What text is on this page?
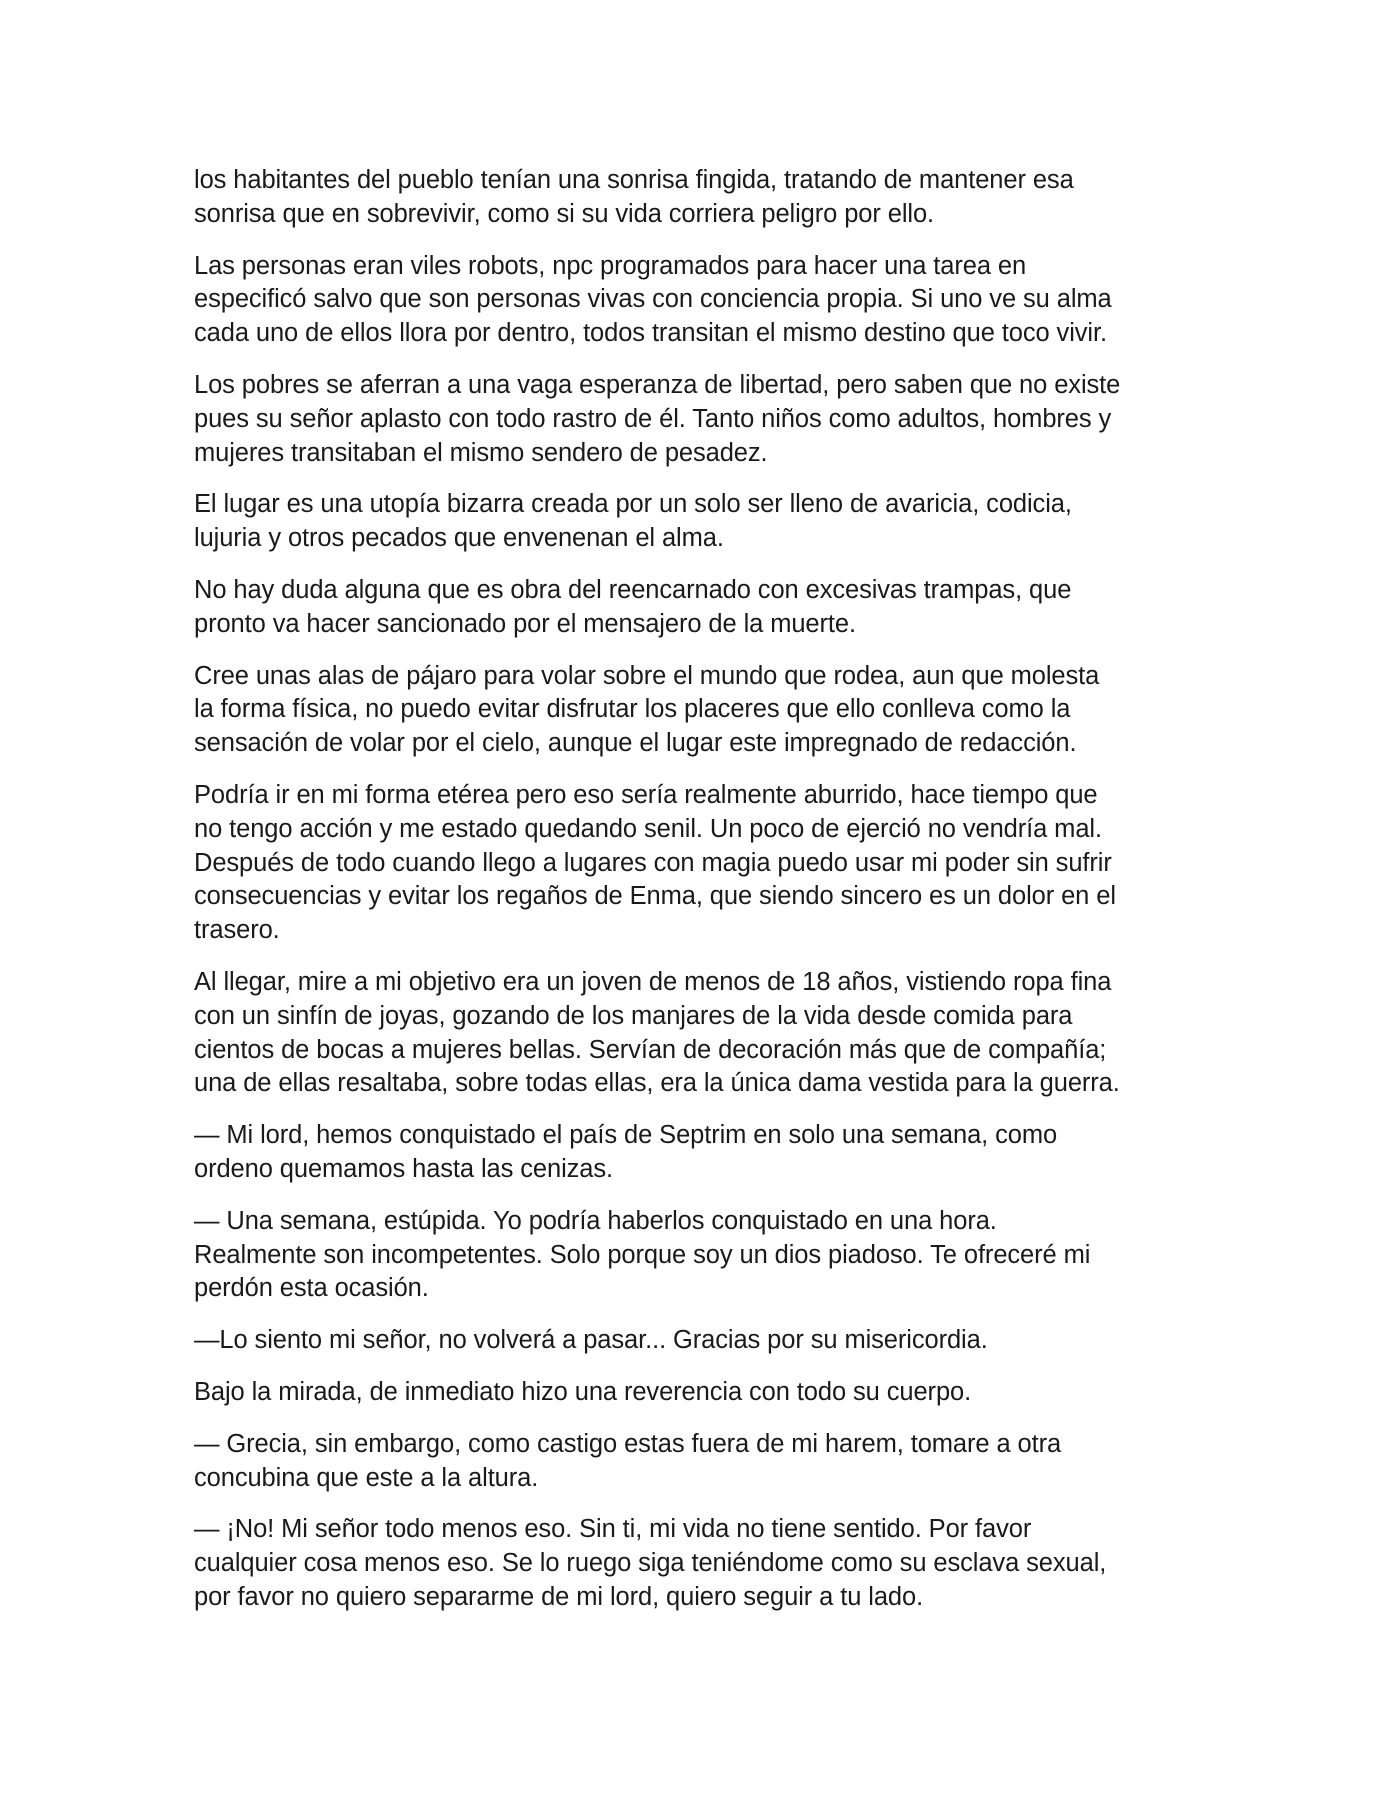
los habitantes del pueblo tenían una sonrisa fingida, tratando de mantener esa
sonrisa que en sobrevivir, como si su vida corriera peligro por ello.

Las personas eran viles robots, npc programados para hacer una tarea en
especificó salvo que son personas vivas con conciencia propia. Si uno ve su alma
cada uno de ellos llora por dentro, todos transitan el mismo destino que toco vivir.

Los pobres se aferran a una vaga esperanza de libertad, pero saben que no existe
pues su señor aplasto con todo rastro de él. Tanto niños como adultos, hombres y
mujeres transitaban el mismo sendero de pesadez.

El lugar es una utopía bizarra creada por un solo ser lleno de avaricia, codicia,
lujuria y otros pecados que envenenan el alma.

No hay duda alguna que es obra del reencarnado con excesivas trampas, que
pronto va hacer sancionado por el mensajero de la muerte.

Cree unas alas de pájaro para volar sobre el mundo que rodea, aun que molesta
la forma física, no puedo evitar disfrutar los placeres que ello conlleva como la
sensación de volar por el cielo, aunque el lugar este impregnado de redacción.

Podría ir en mi forma etérea pero eso sería realmente aburrido, hace tiempo que
no tengo acción y me estado quedando senil. Un poco de ejerció no vendría mal.
Después de todo cuando llego a lugares con magia puedo usar mi poder sin sufrir
consecuencias y evitar los regaños de Enma, que siendo sincero es un dolor en el
trasero.

Al llegar, mire a mi objetivo era un joven de menos de 18 años, vistiendo ropa fina
con un sinfín de joyas, gozando de los manjares de la vida desde comida para
cientos de bocas a mujeres bellas. Servían de decoración más que de compañía;
una de ellas resaltaba, sobre todas ellas, era la única dama vestida para la guerra.

— Mi lord, hemos conquistado el país de Septrim en solo una semana, como
ordeno quemamos hasta las cenizas.

— Una semana, estúpida. Yo podría haberlos conquistado en una hora.
Realmente son incompetentes. Solo porque soy un dios piadoso. Te ofreceré mi
perdón esta ocasión.

—Lo siento mi señor, no volverá a pasar... Gracias por su misericordia.

Bajo la mirada, de inmediato hizo una reverencia con todo su cuerpo.

— Grecia, sin embargo, como castigo estas fuera de mi harem, tomare a otra
concubina que este a la altura.

— ¡No! Mi señor todo menos eso. Sin ti, mi vida no tiene sentido. Por favor
cualquier cosa menos eso. Se lo ruego siga teniéndome como su esclava sexual,
por favor no quiero separarme de mi lord, quiero seguir a tu lado.
